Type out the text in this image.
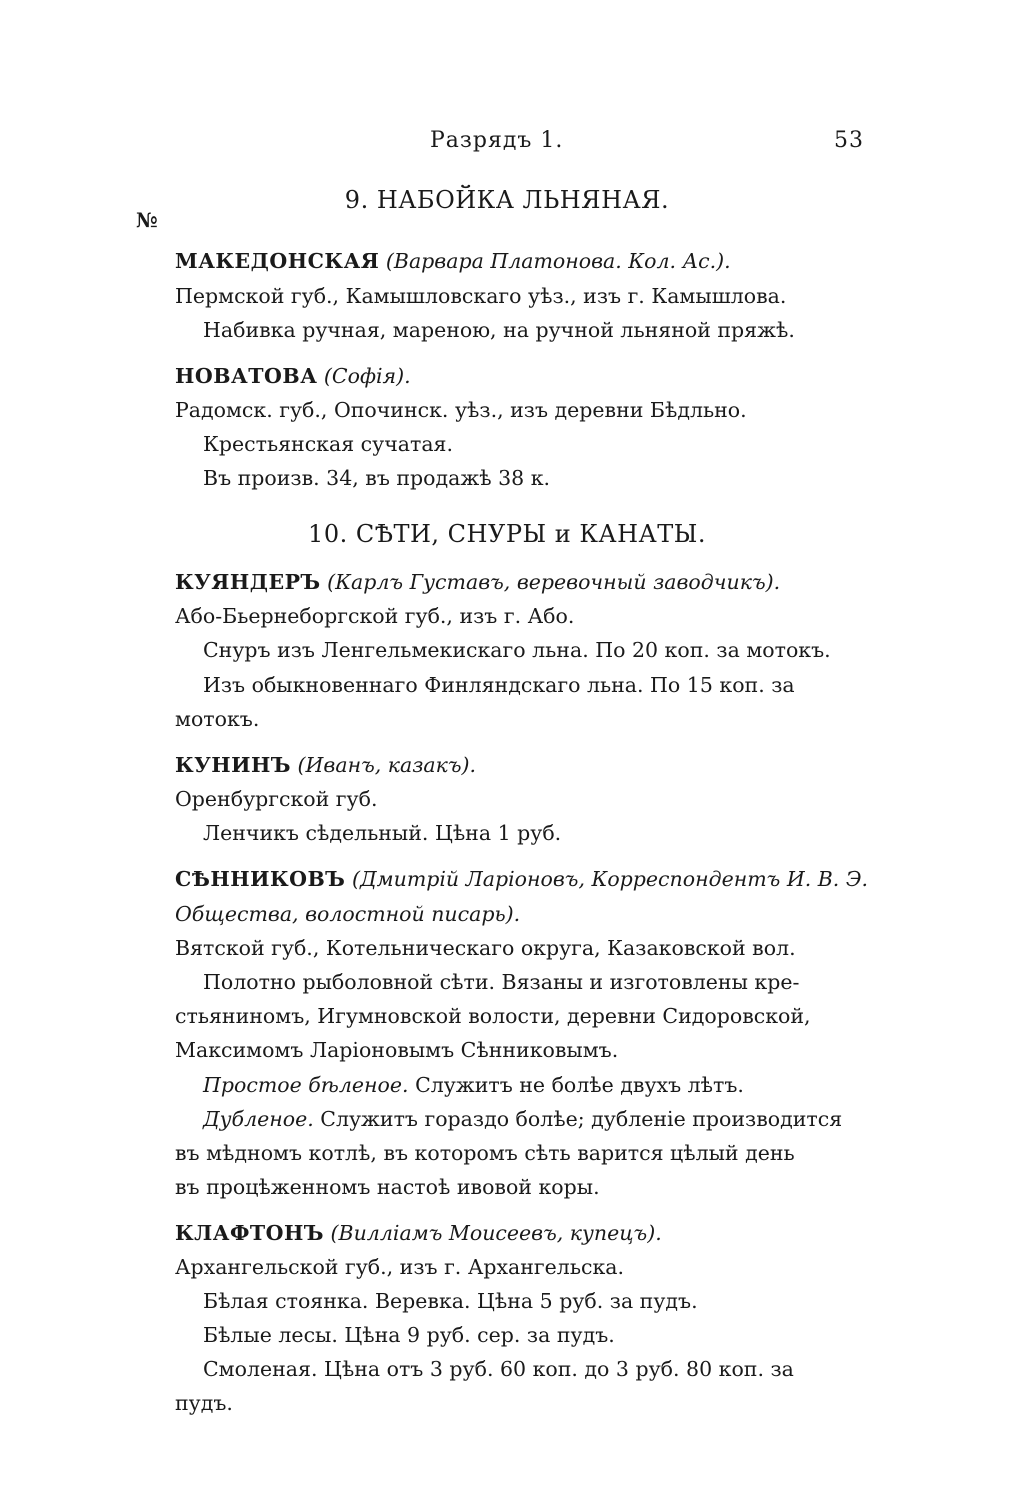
Разрядъ 1.	53
9. НАБОЙКА ЛЬНЯНАЯ.
№
МАКЕДОНСКАЯ (Варвара Платонова. Кол. Ас.).
Пермской губ., Камышловскаго уѣз., изъ г. Камышлова.
Набивка ручная, мареною, на ручной льняной пряжѣ.
НОВАТОВА (Софія).
Радомск. губ., Опочинск. уѣз., изъ деревни Бѣдльно.
Крестьянская сучатая.
Въ произв. 34, въ продажѣ 38 к.
10. СѢТИ, СНУРЫ и КАНАТЫ.
КУЯНДЕРЪ (Карлъ Густавъ, веревочный заводчикъ).
Або-Бьернеборгской губ., изъ г. Або.
Снуръ изъ Ленгельмекискаго льна. По 20 коп. за мотокъ.
Изъ обыкновеннаго Финляндскаго льна. По 15 коп. за
мотокъ.
КУНИНЪ (Иванъ, казакъ).
Оренбургской губ.
Ленчикъ сѣдельный. Цѣна 1 руб.
СѢННИКОВЪ (Дмитрій Ларіоновъ, Корреспондентъ И. В. Э.
Общества, волостной писарь).
Вятской губ., Котельническаго округа, Казаковской вол.
Полотно рыболовной сѣти. Вязаны и изготовлены кре-
стьяниномъ, Игумновской волости, деревни Сидоровской,
Максимомъ Ларіоновымъ Сѣнниковымъ.
Простое бѣленое. Служитъ не болѣе двухъ лѣтъ.
Дубленое. Служитъ гораздо болѣе; дубленіе производится
въ мѣдномъ котлѣ, въ которомъ сѣть варится цѣлый день
въ процѣженномъ настоѣ ивовой коры.
КЛАФТОНЪ (Вилліамъ Моисеевъ, купецъ).
Архангельской губ., изъ г. Архангельска.
Бѣлая стоянка. Веревка. Цѣна 5 руб. за пудъ.
Бѣлые лесы. Цѣна 9 руб. сер. за пудъ.
Смоленая. Цѣна отъ 3 руб. 60 коп. до 3 руб. 80 коп. за
пудъ.
